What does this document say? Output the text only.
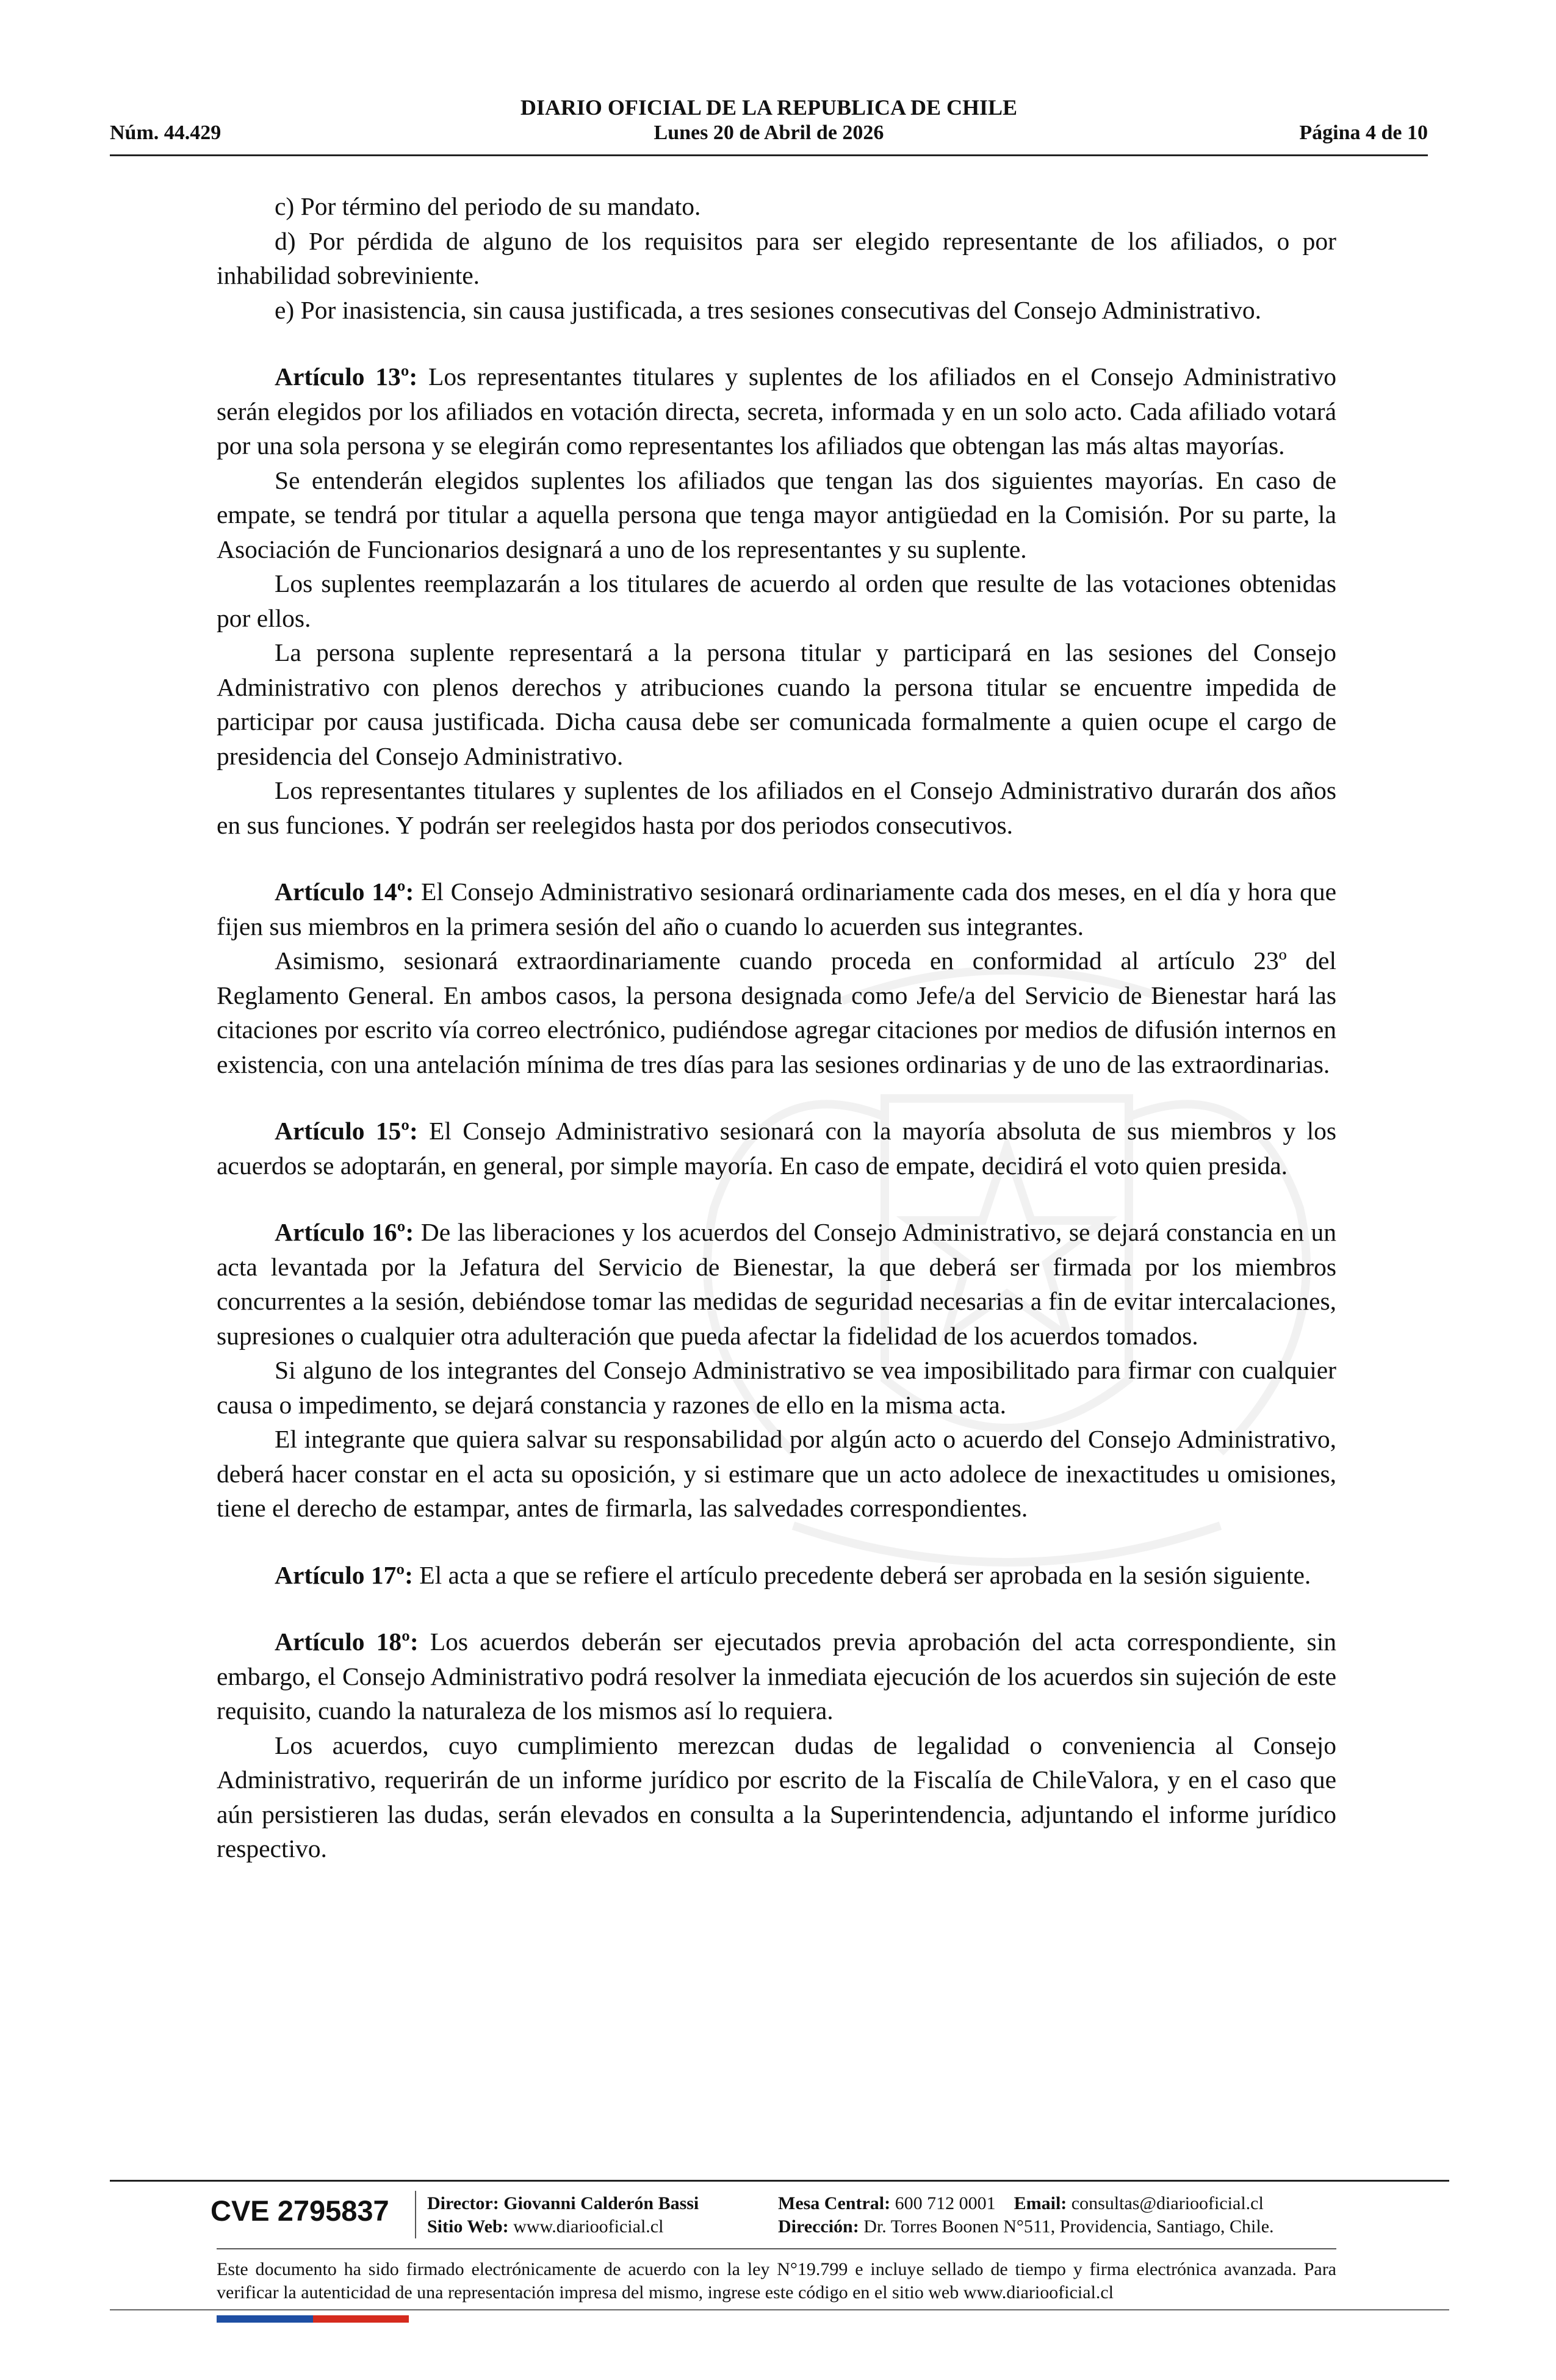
DIARIO OFICIAL DE LA REPUBLICA DE CHILE
Núm. 44.429	Lunes 20 de Abril de 2026	Página 4 de 10

c) Por término del periodo de su mandato.

d) Por pérdida de alguno de los requisitos para ser elegido representante de los afiliados, o por inhabilidad sobreviniente.

e) Por inasistencia, sin causa justificada, a tres sesiones consecutivas del Consejo Administrativo.

Artículo 13º: Los representantes titulares y suplentes de los afiliados en el Consejo Administrativo serán elegidos por los afiliados en votación directa, secreta, informada y en un solo acto. Cada afiliado votará por una sola persona y se elegirán como representantes los afiliados que obtengan las más altas mayorías.

Se entenderán elegidos suplentes los afiliados que tengan las dos siguientes mayorías. En caso de empate, se tendrá por titular a aquella persona que tenga mayor antigüedad en la Comisión. Por su parte, la Asociación de Funcionarios designará a uno de los representantes y su suplente.

Los suplentes reemplazarán a los titulares de acuerdo al orden que resulte de las votaciones obtenidas por ellos.

La persona suplente representará a la persona titular y participará en las sesiones del Consejo Administrativo con plenos derechos y atribuciones cuando la persona titular se encuentre impedida de participar por causa justificada. Dicha causa debe ser comunicada formalmente a quien ocupe el cargo de presidencia del Consejo Administrativo.

Los representantes titulares y suplentes de los afiliados en el Consejo Administrativo durarán dos años en sus funciones. Y podrán ser reelegidos hasta por dos periodos consecutivos.

Artículo 14º: El Consejo Administrativo sesionará ordinariamente cada dos meses, en el día y hora que fijen sus miembros en la primera sesión del año o cuando lo acuerden sus integrantes.

Asimismo, sesionará extraordinariamente cuando proceda en conformidad al artículo 23º del Reglamento General. En ambos casos, la persona designada como Jefe/a del Servicio de Bienestar hará las citaciones por escrito vía correo electrónico, pudiéndose agregar citaciones por medios de difusión internos en existencia, con una antelación mínima de tres días para las sesiones ordinarias y de uno de las extraordinarias.

Artículo 15º: El Consejo Administrativo sesionará con la mayoría absoluta de sus miembros y los acuerdos se adoptarán, en general, por simple mayoría. En caso de empate, decidirá el voto quien presida.

Artículo 16º: De las liberaciones y los acuerdos del Consejo Administrativo, se dejará constancia en un acta levantada por la Jefatura del Servicio de Bienestar, la que deberá ser firmada por los miembros concurrentes a la sesión, debiéndose tomar las medidas de seguridad necesarias a fin de evitar intercalaciones, supresiones o cualquier otra adulteración que pueda afectar la fidelidad de los acuerdos tomados.

Si alguno de los integrantes del Consejo Administrativo se vea imposibilitado para firmar con cualquier causa o impedimento, se dejará constancia y razones de ello en la misma acta.

El integrante que quiera salvar su responsabilidad por algún acto o acuerdo del Consejo Administrativo, deberá hacer constar en el acta su oposición, y si estimare que un acto adolece de inexactitudes u omisiones, tiene el derecho de estampar, antes de firmarla, las salvedades correspondientes.

Artículo 17º: El acta a que se refiere el artículo precedente deberá ser aprobada en la sesión siguiente.

Artículo 18º: Los acuerdos deberán ser ejecutados previa aprobación del acta correspondiente, sin embargo, el Consejo Administrativo podrá resolver la inmediata ejecución de los acuerdos sin sujeción de este requisito, cuando la naturaleza de los mismos así lo requiera.

Los acuerdos, cuyo cumplimiento merezcan dudas de legalidad o conveniencia al Consejo Administrativo, requerirán de un informe jurídico por escrito de la Fiscalía de ChileValora, y en el caso que aún persistieren las dudas, serán elevados en consulta a la Superintendencia, adjuntando el informe jurídico respectivo.

CVE 2795837 Director: Giovanni Calderón Bassi
Sitio Web: www.diariooficial.cl
Mesa Central: 600 712 0001 Email: consultas@diariooficial.cl
Dirección: Dr. Torres Boonen N°511, Providencia, Santiago, Chile.
Este documento ha sido firmado electrónicamente de acuerdo con la ley N°19.799 e incluye sellado de tiempo y firma electrónica avanzada. Para verificar la autenticidad de una representación impresa del mismo, ingrese este código en el sitio web www.diariooficial.cl
